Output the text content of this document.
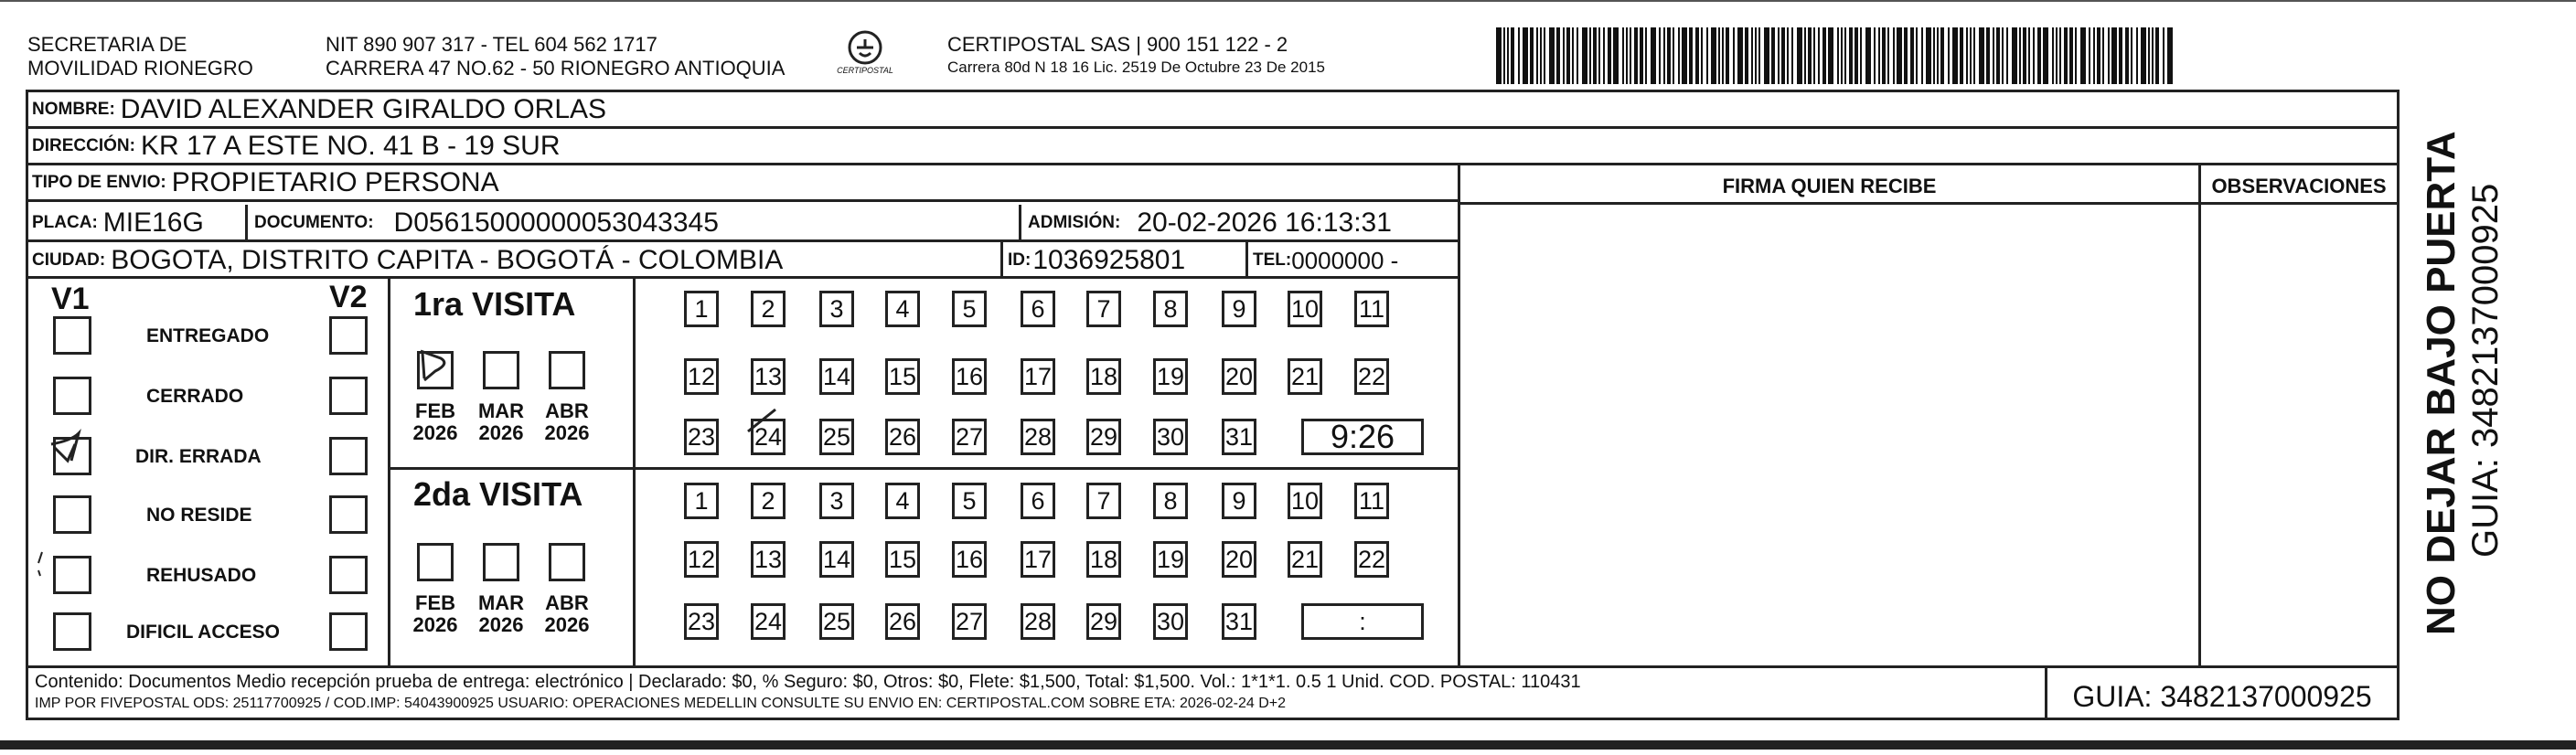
SECRETARIA DE
MOVILIDAD RIONEGRO
NIT 890 907 317 - TEL 604 562 1717
CARRERA 47 NO.62 - 50 RIONEGRO ANTIOQUIA	CERTIPOSTAL
CERTIPOSTAL SAS | 900 151 122 - 2
Carrera 80d N 18 16 Lic. 2519 De Octubre 23 De 2015
NOMBRE: DAVID ALEXANDER GIRALDO ORLAS
DIRECCIÓN: KR 17 A ESTE NO. 41 B - 19 SUR
FIRMA QUIEN RECIBE	OBSERVACIONES
TIPO DE ENVIO: PROPIETARIO PERSONA
PLACA: MIE16G	DOCUMENTO: D05615000000053043345	ADMISIÓN: 20-02-2026 16:13:31
CIUDAD: BOGOTA, DISTRITO CAPITA - BOGOTÁ - COLOMBIA	ID: 1036925801	TEL: 0000000 -
V1	V2
ENTREGADO
CERRADO
DIR. ERRADA
NO RESIDE
REHUSADO
DIFICIL ACCESO
1ra VISITA
2da VISITA
1	2	3	4	5	6	7	8	9	10 11
12 13 14 15 16 17 18 19 20 21 22
23 24 25 26 27 28 29 30 31	9:26
1	2	3	4	5	6	7	8	9	10 11
12 13 14 15 16 17 18 19 20 21 22
23 24 25 26 27 28 29 30 31	:
FEB
2026
MAR
2026
ABR
2026
FEB
2026
MAR
2026
ABR
2026
Contenido: Documentos Medio recepción prueba de entrega: electrónico | Declarado: $0, % Seguro: $0, Otros: $0, Flete: $1,500, Total: $1,500. Vol.: 1*1*1. 0.5 1 Unid. COD. POSTAL: 110431
IMP POR FIVEPOSTAL ODS: 25117700925 / COD.IMP: 54043900925 USUARIO: OPERACIONES MEDELLIN CONSULTE SU ENVIO EN: CERTIPOSTAL.COM SOBRE ETA: 2026-02-24 D+2	GUIA: 3482137000925
NO DEJAR BAJO PUERTA GUIA: 3482137000925
